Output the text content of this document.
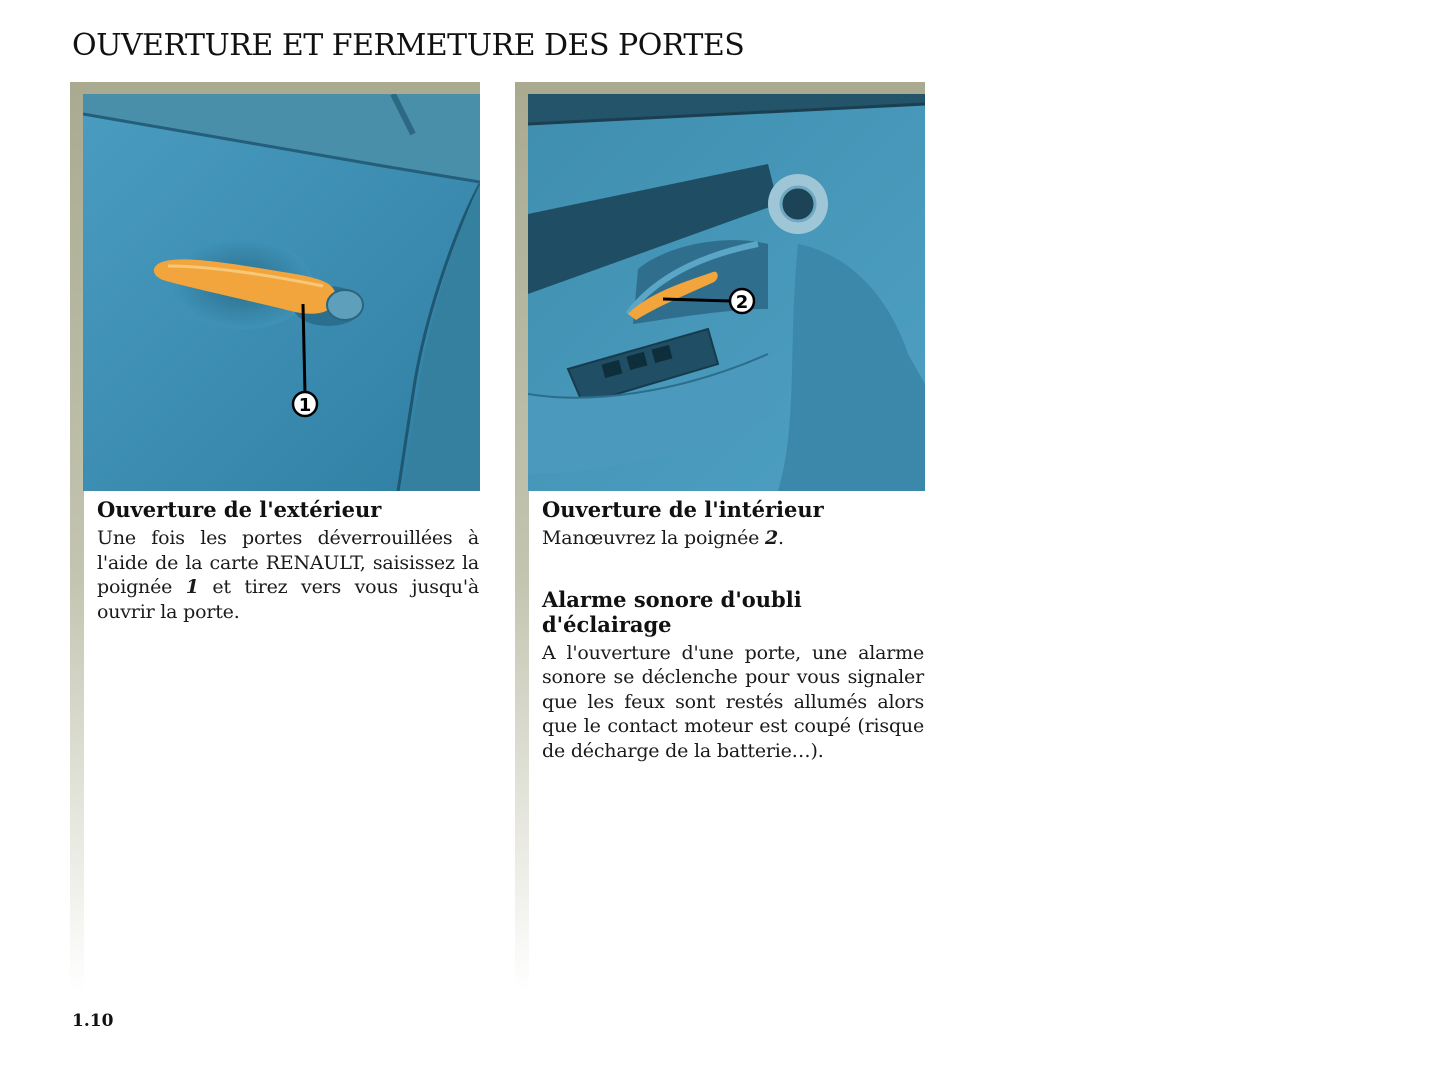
OUVERTURE ET FERMETURE DES PORTES
1
Ouverture de l'extérieur

Une fois les portes déverrouillées à l'aide de la carte RENAULT, saisissez la poignée 1 et tirez vers vous jusqu'à ouvrir la porte.

2
Ouverture de l'intérieur

Manœuvrez la poignée 2.

Alarme sonore d'oubli d'éclairage

A l'ouverture d'une porte, une alarme sonore se déclenche pour vous signaler que les feux sont restés allumés alors que le contact moteur est coupé (risque de décharge de la batterie…).

1.10
